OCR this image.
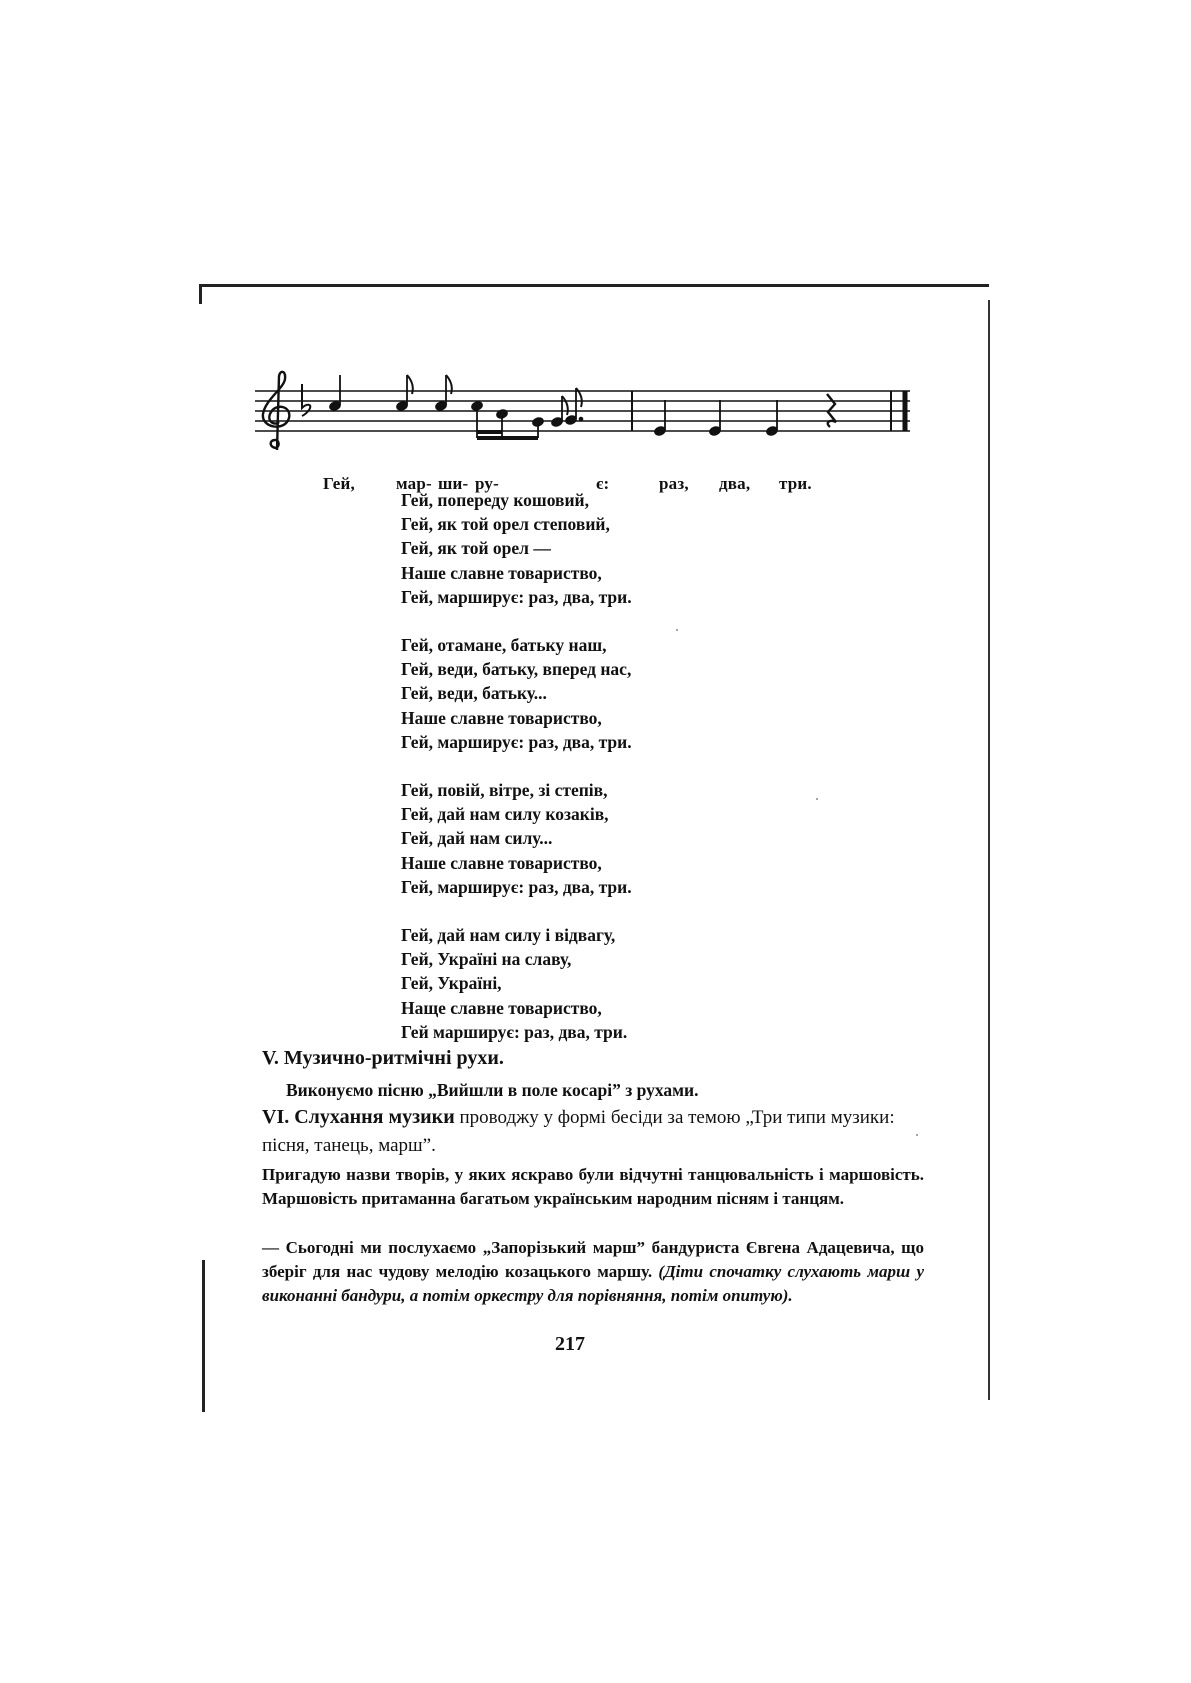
Гей, мар- ши- ру-	є:	раз, два, три.

Гей, попереду кошовий,
Гей, як той орел степовий,
Гей, як той орел —
Наше славне товариство,
Гей, марширує: раз, два, три.

Гей, отамане, батьку наш,
Гей, веди, батьку, вперед нас,
Гей, веди, батьку...
Наше славне товариство,
Гей, марширує: раз, два, три.

Гей, повій, вітре, зі степів,
Гей, дай нам силу козаків,
Гей, дай нам силу...
Наше славне товариство,
Гей, марширує: раз, два, три.

Гей, дай нам силу і відвагу,
Гей, Україні на славу,
Гей, Україні,
Наще славне товариство,
Гей марширує: раз, два, три.

V. Музично-ритмічні рухи.
Виконуємо пісню „Вийшли в поле косарі” з рухами.
VI. Слухання музики проводжу у формі бесіди за темою „Три типи музики: пісня, танець, марш”.
Пригадую назви творів, у яких яскраво були відчутні танцювальність і маршовість. Маршовість притаманна багатьом українським народним пісням і танцям.
— Сьогодні ми послухаємо „Запорізький марш” бандуриста Євгена Адацевича, що зберіг для нас чудову мелодію козацького маршу. (Діти спочатку слухають марш у виконанні бандури, а потім оркестру для порівняння, потім опитую).
217
